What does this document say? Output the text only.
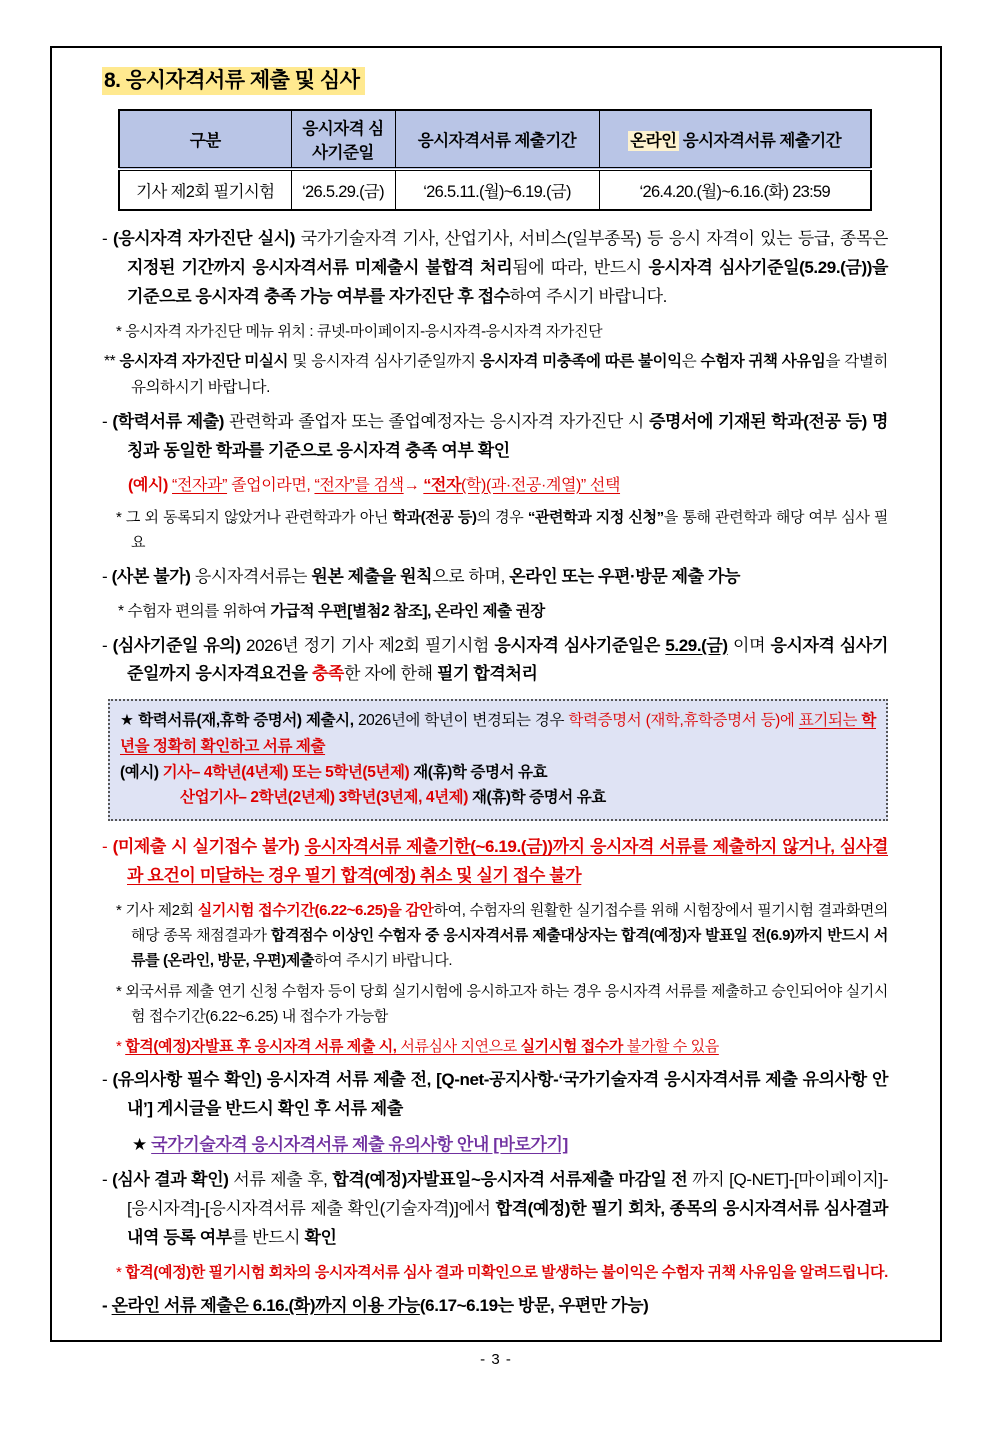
8. 응시자격서류 제출 및 심사
구분	응시자격 심사기준일	응시자격서류 제출기간	온라인 응시자격서류 제출기간
기사 제2회 필기시험	‘26.5.29.(금)	‘26.5.11.(월)~6.19.(금)	‘26.4.20.(월)~6.16.(화) 23:59
- (응시자격 자가진단 실시) 국가기술자격 기사, 산업기사, 서비스(일부종목) 등 응시 자격이 있는 등급, 종목은 지정된 기간까지 응시자격서류 미제출시 불합격 처리됨에 따라, 반드시 응시자격 심사기준일(5.29.(금))을 기준으로 응시자격 충족 가능 여부를 자가진단 후 접수하여 주시기 바랍니다.
* 응시자격 자가진단 메뉴 위치 : 큐넷-마이페이지-응시자격-응시자격 자가진단
** 응시자격 자가진단 미실시 및 응시자격 심사기준일까지 응시자격 미충족에 따른 불이익은 수험자 귀책 사유임을 각별히 유의하시기 바랍니다.
- (학력서류 제출) 관련학과 졸업자 또는 졸업예정자는 응시자격 자가진단 시 증명서에 기재된 학과(전공 등) 명칭과 동일한 학과를 기준으로 응시자격 충족 여부 확인
(예시) “전자과” 졸업이라면, “전자”를 검색→ “전자(학)(과·전공·계열)” 선택
* 그 외 동록되지 않았거나 관련학과가 아닌 학과(전공 등)의 경우 “관련학과 지정 신청”을 통해 관련학과 해당 여부 심사 필요
- (사본 불가) 응시자격서류는 원본 제출을 원칙으로 하며, 온라인 또는 우편·방문 제출 가능
* 수험자 편의를 위하여 가급적 우편[별첨2 참조], 온라인 제출 권장
- (심사기준일 유의) 2026년 정기 기사 제2회 필기시험 응시자격 심사기준일은 5.29.(금) 이며 응시자격 심사기준일까지 응시자격요건을 충족한 자에 한해 필기 합격처리
★ 학력서류(재,휴학 증명서) 제출시, 2026년에 학년이 변경되는 경우 학력증명서 (재학,휴학증명서 등)에 표기되는 학년을 정확히 확인하고 서류 제출
(예시) 기사– 4학년(4년제) 또는 5학년(5년제) 재(휴)학 증명서 유효
산업기사– 2학년(2년제) 3학년(3년제, 4년제) 재(휴)학 증명서 유효
- (미제출 시 실기접수 불가) 응시자격서류 제출기한(~6.19.(금))까지 응시자격 서류를 제출하지 않거나, 심사결과 요건이 미달하는 경우 필기 합격(예정) 취소 및 실기 접수 불가
* 기사 제2회 실기시험 접수기간(6.22~6.25)을 감안하여, 수험자의 원활한 실기접수를 위해 시험장에서 필기시험 결과화면의 해당 종목 채점결과가 합격점수 이상인 수험자 중 응시자격서류 제출대상자는 합격(예정)자 발표일 전(6.9)까지 반드시 서류를 (온라인, 방문, 우편)제출하여 주시기 바랍니다.
* 외국서류 제출 연기 신청 수험자 등이 당회 실기시험에 응시하고자 하는 경우 응시자격 서류를 제출하고 승인되어야 실기시험 접수기간(6.22~6.25) 내 접수가 가능함
* 합격(예정)자발표 후 응시자격 서류 제출 시, 서류심사 지연으로 실기시험 접수가 불가할 수 있음
- (유의사항 필수 확인) 응시자격 서류 제출 전, [Q-net-공지사항-‘국가기술자격 응시자격서류 제출 유의사항 안내’] 게시글을 반드시 확인 후 서류 제출
★ 국가기술자격 응시자격서류 제출 유의사항 안내 [바로가기]
- (심사 결과 확인) 서류 제출 후, 합격(예정)자발표일~응시자격 서류제출 마감일 전 까지 [Q-NET]-[마이페이지]-[응시자격]-[응시자격서류 제출 확인(기술자격)]에서 합격(예정)한 필기 회차, 종목의 응시자격서류 심사결과 내역 등록 여부를 반드시 확인
* 합격(예정)한 필기시험 회차의 응시자격서류 심사 결과 미확인으로 발생하는 불이익은 수험자 귀책 사유임을 알려드립니다.
- 온라인 서류 제출은 6.16.(화)까지 이용 가능(6.17~6.19는 방문, 우편만 가능)
- 3 -
